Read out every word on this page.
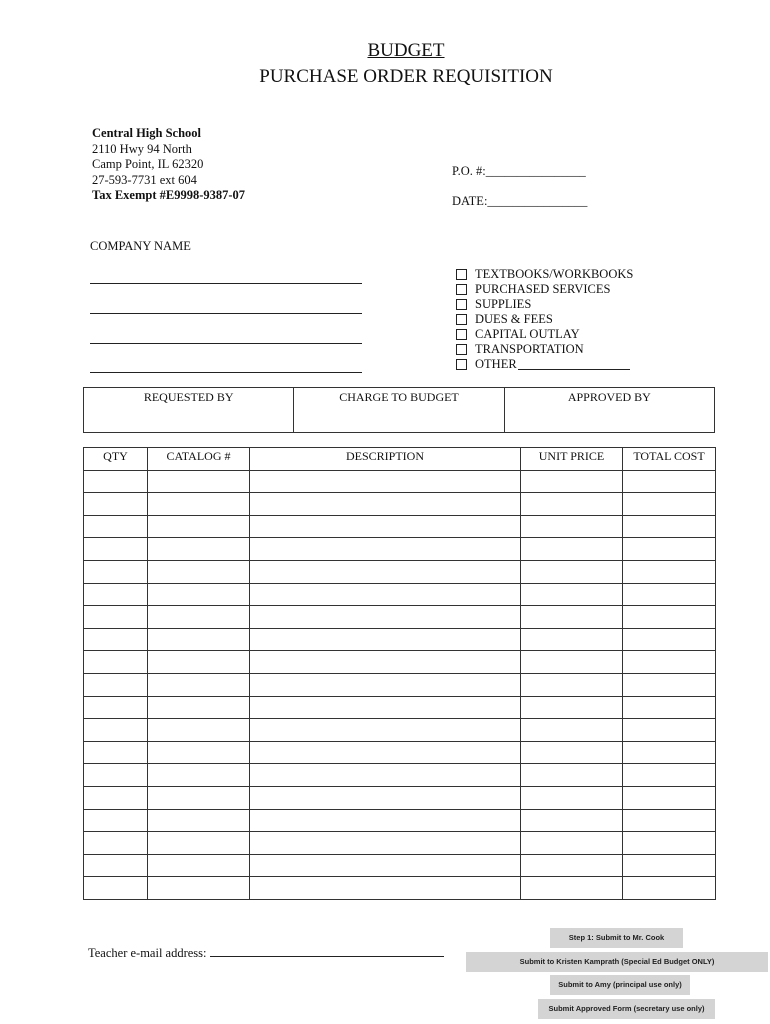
BUDGET
PURCHASE ORDER REQUISITION
Central High School
2110 Hwy 94 North
Camp Point, IL 62320
27-593-7731 ext 604
Tax Exempt #E9998-9387-07
P.O. #:________________
DATE:________________
COMPANY NAME
TEXTBOOKS/WORKBOOKS
PURCHASED SERVICES
SUPPLIES
DUES & FEES
CAPITAL OUTLAY
TRANSPORTATION
OTHER
REQUESTED BY	CHARGE TO BUDGET	APPROVED BY
QTY	CATALOG #	DESCRIPTION	UNIT PRICE	TOTAL COST

Teacher e-mail address:
Step 1: Submit to Mr. Cook
Submit to Kristen Kamprath (Special Ed Budget ONLY)
Submit to Amy (principal use only)
Submit Approved Form (secretary use only)
